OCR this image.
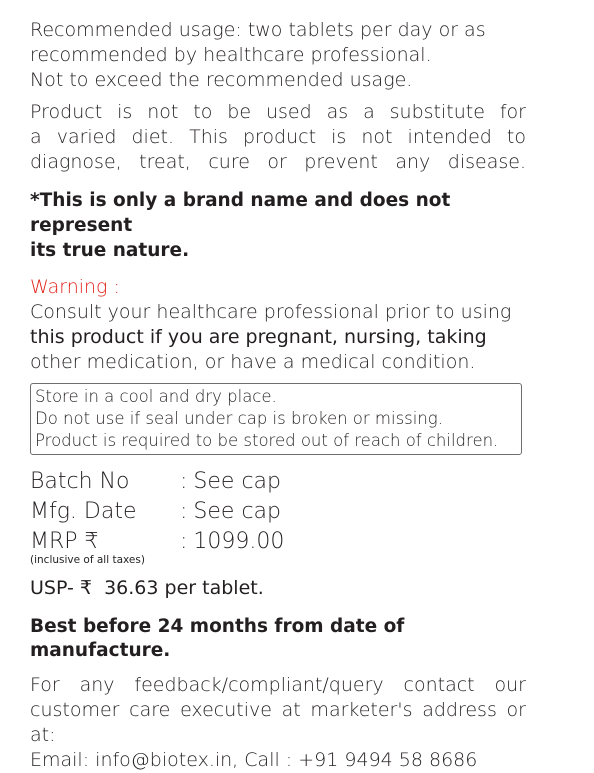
Recommended usage: two tablets per day or as
recommended by healthcare professional.
Not to exceed the recommended usage.
Product is not to be used as a substitute for
a varied diet. This product is not intended to
diagnose, treat, cure or prevent any disease.
*This is only a brand name and does not represent
its true nature.
Warning :
Consult your healthcare professional prior to using
this product if you are pregnant, nursing, taking
other medication, or have a medical condition.
Store in a cool and dry place.
Do not use if seal under cap is broken or missing.
Product is required to be stored out of reach of children.
Batch No	: See cap
Mfg. Date	: See cap
MRP ₹	: 1099.00
(inclusive of all taxes)
USP- ₹ 36.63 per tablet.
Best before 24 months from date of manufacture.
For any feedback/compliant/query contact our
customer care executive at marketer's address or at:
Email: info@biotex.in, Call : +91 9494 58 8686
